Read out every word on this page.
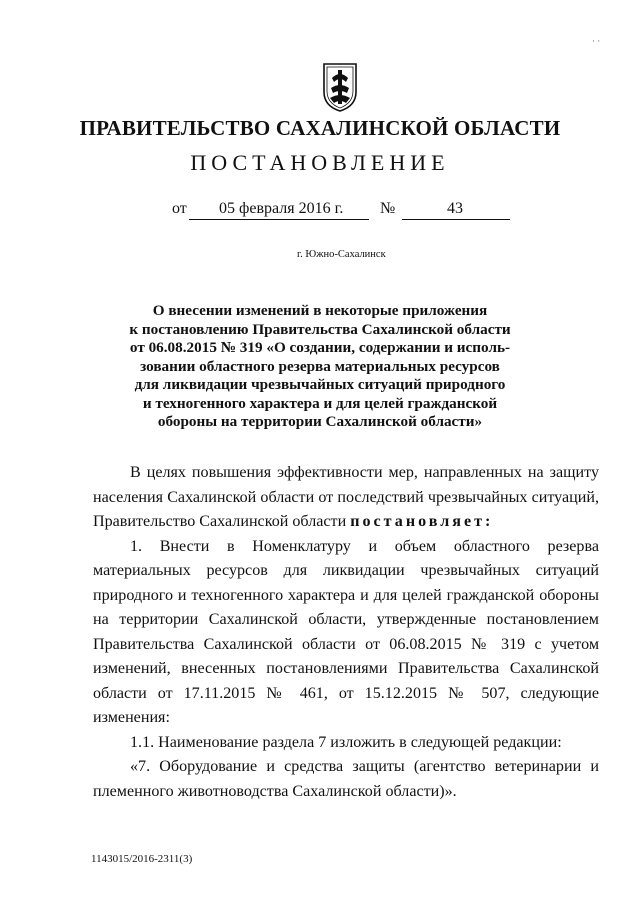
· ·
ПРАВИТЕЛЬСТВО САХАЛИНСКОЙ ОБЛАСТИ
ПОСТАНОВЛЕНИЕ
от 05 февраля 2016 г. №	43
г. Южно-Сахалинск
О внесении изменений в некоторые приложения
к постановлению Правительства Сахалинской области
от 06.08.2015 № 319 «О создании, содержании и исполь-
зовании областного резерва материальных ресурсов
для ликвидации чрезвычайных ситуаций природного
и техногенного характера и для целей гражданской
обороны на территории Сахалинской области»

В целях повышения эффективности мер, направленных на защиту населения Сахалинской области от последствий чрезвычайных ситуаций, Правительство Сахалинской области постановляет:

1. Внести в Номенклатуру и объем областного резерва материальных ресурсов для ликвидации чрезвычайных ситуаций природного и техногенного характера и для целей гражданской обороны на территории Сахалинской области, утвержденные постановлением Правительства Сахалинской области от 06.08.2015 № 319 с учетом изменений, внесенных постановлениями Правительства Сахалинской области от 17.11.2015 № 461, от 15.12.2015 № 507, следующие изменения:

1.1. Наименование раздела 7 изложить в следующей редакции:

«7. Оборудование и средства защиты (агентство ветеринарии и племенного животноводства Сахалинской области)».

1143015/2016-2311(3)
